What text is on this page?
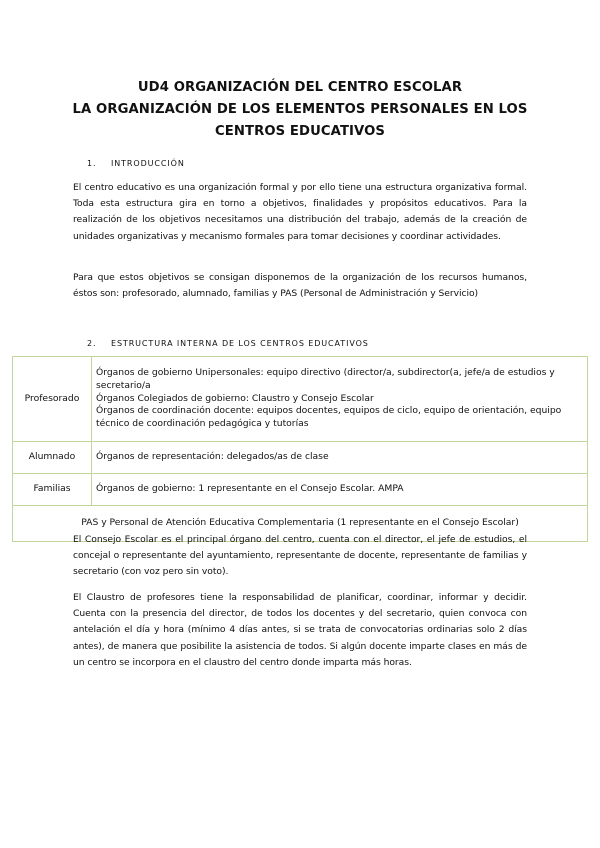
UD4 ORGANIZACIÓN DEL CENTRO ESCOLAR
LA ORGANIZACIÓN DE LOS ELEMENTOS PERSONALES EN LOS
CENTROS EDUCATIVOS
1. INTRODUCCIÓN
El centro educativo es una organización formal y por ello tiene una estructura organizativa formal. Toda esta estructura gira en torno a objetivos, finalidades y propósitos educativos. Para la realización de los objetivos necesitamos una distribución del trabajo, además de la creación de unidades organizativas y mecanismo formales para tomar decisiones y coordinar actividades.
Para que estos objetivos se consigan disponemos de la organización de los recursos humanos, éstos son: profesorado, alumnado, familias y PAS (Personal de Administración y Servicio)
2. ESTRUCTURA INTERNA DE LOS CENTROS EDUCATIVOS
Profesorado	Órganos de gobierno Unipersonales: equipo directivo (director/a, subdirector(a, jefe/a de estudios y secretario/a
Órganos Colegiados de gobierno: Claustro y Consejo Escolar
Órganos de coordinación docente: equipos docentes, equipos de ciclo, equipo de orientación, equipo técnico de coordinación pedagógica y tutorías

Alumnado	Órganos de representación: delegados/as de clase

Familias	Órganos de gobierno: 1 representante en el Consejo Escolar. AMPA

PAS y Personal de Atención Educativa Complementaria (1 representante en el Consejo Escolar)	
El Consejo Escolar es el principal órgano del centro, cuenta con el director, el jefe de estudios, el concejal o representante del ayuntamiento, representante de docente, representante de familias y secretario (con voz pero sin voto).
El Claustro de profesores tiene la responsabilidad de planificar, coordinar, informar y decidir. Cuenta con la presencia del director, de todos los docentes y del secretario, quien convoca con antelación el día y hora (mínimo 4 días antes, si se trata de convocatorias ordinarias solo 2 días antes), de manera que posibilite la asistencia de todos. Si algún docente imparte clases en más de un centro se incorpora en el claustro del centro donde imparta más horas.
